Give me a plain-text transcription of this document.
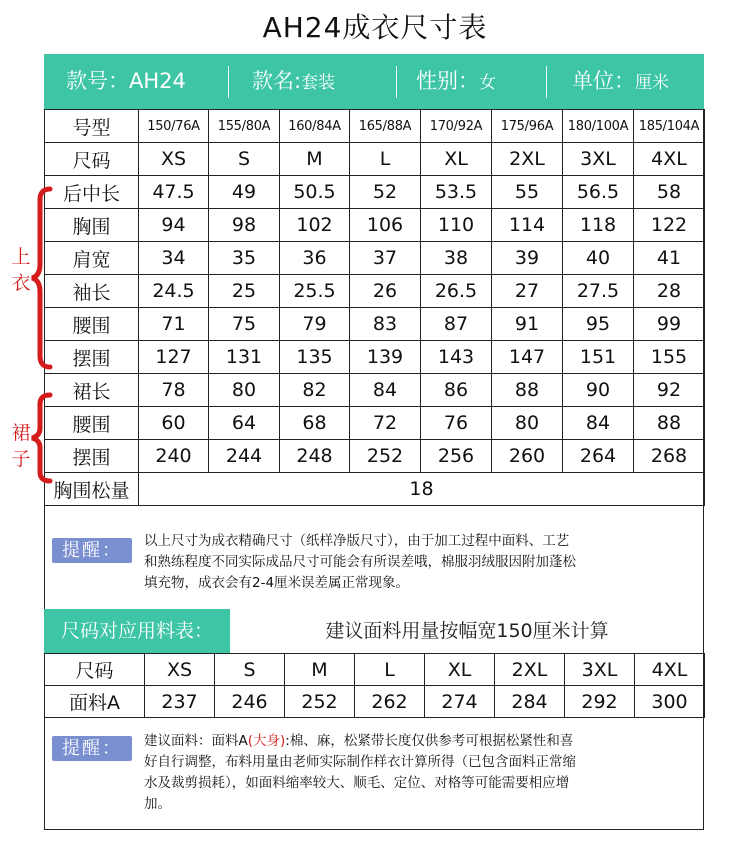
AH24成衣尺寸表
款号：AH24	款名:套装	性别：女	单位：厘米
号型	150/76A	155/80A	160/84A	165/88A	170/92A	175/96A	180/100A	185/104A
尺码	XS	S	M	L	XL	2XL	3XL	4XL
后中长	47.5	49	50.5	52	53.5	55	56.5	58
胸围	94	98	102	106	110	114	118	122
肩宽	34	35	36	37	38	39	40	41
袖长	24.5	25	25.5	26	26.5	27	27.5	28
腰围	71	75	79	83	87	91	95	99
摆围	127	131	135	139	143	147	151	155
裙长	78	80	82	84	86	88	90	92
腰围	60	64	68	72	76	80	84	88
摆围	240	244	248	252	256	260	264	268
胸围松量	18							
上
衣
裙
子
提醒：	以上尺寸为成衣精确尺寸（纸样净版尺寸），由于加工过程中面料、工艺
和熟练程度不同实际成品尺寸可能会有所误差哦，棉服羽绒服因附加蓬松
填充物，成衣会有2-4厘米误差属正常现象。
尺码对应用料表：	建议面料用量按幅宽150厘米计算
尺码	XS	S	M	L	XL	2XL	3XL	4XL
面料A	237	246	252	262	274	284	292	300
提醒：	建议面料：面料A(大身):棉、麻，松紧带长度仅供参考可根据松紧性和喜
好自行调整，布料用量由老师实际制作样衣计算所得（已包含面料正常缩
水及裁剪损耗），如面料缩率较大、顺毛、定位、对格等可能需要相应增
加。
